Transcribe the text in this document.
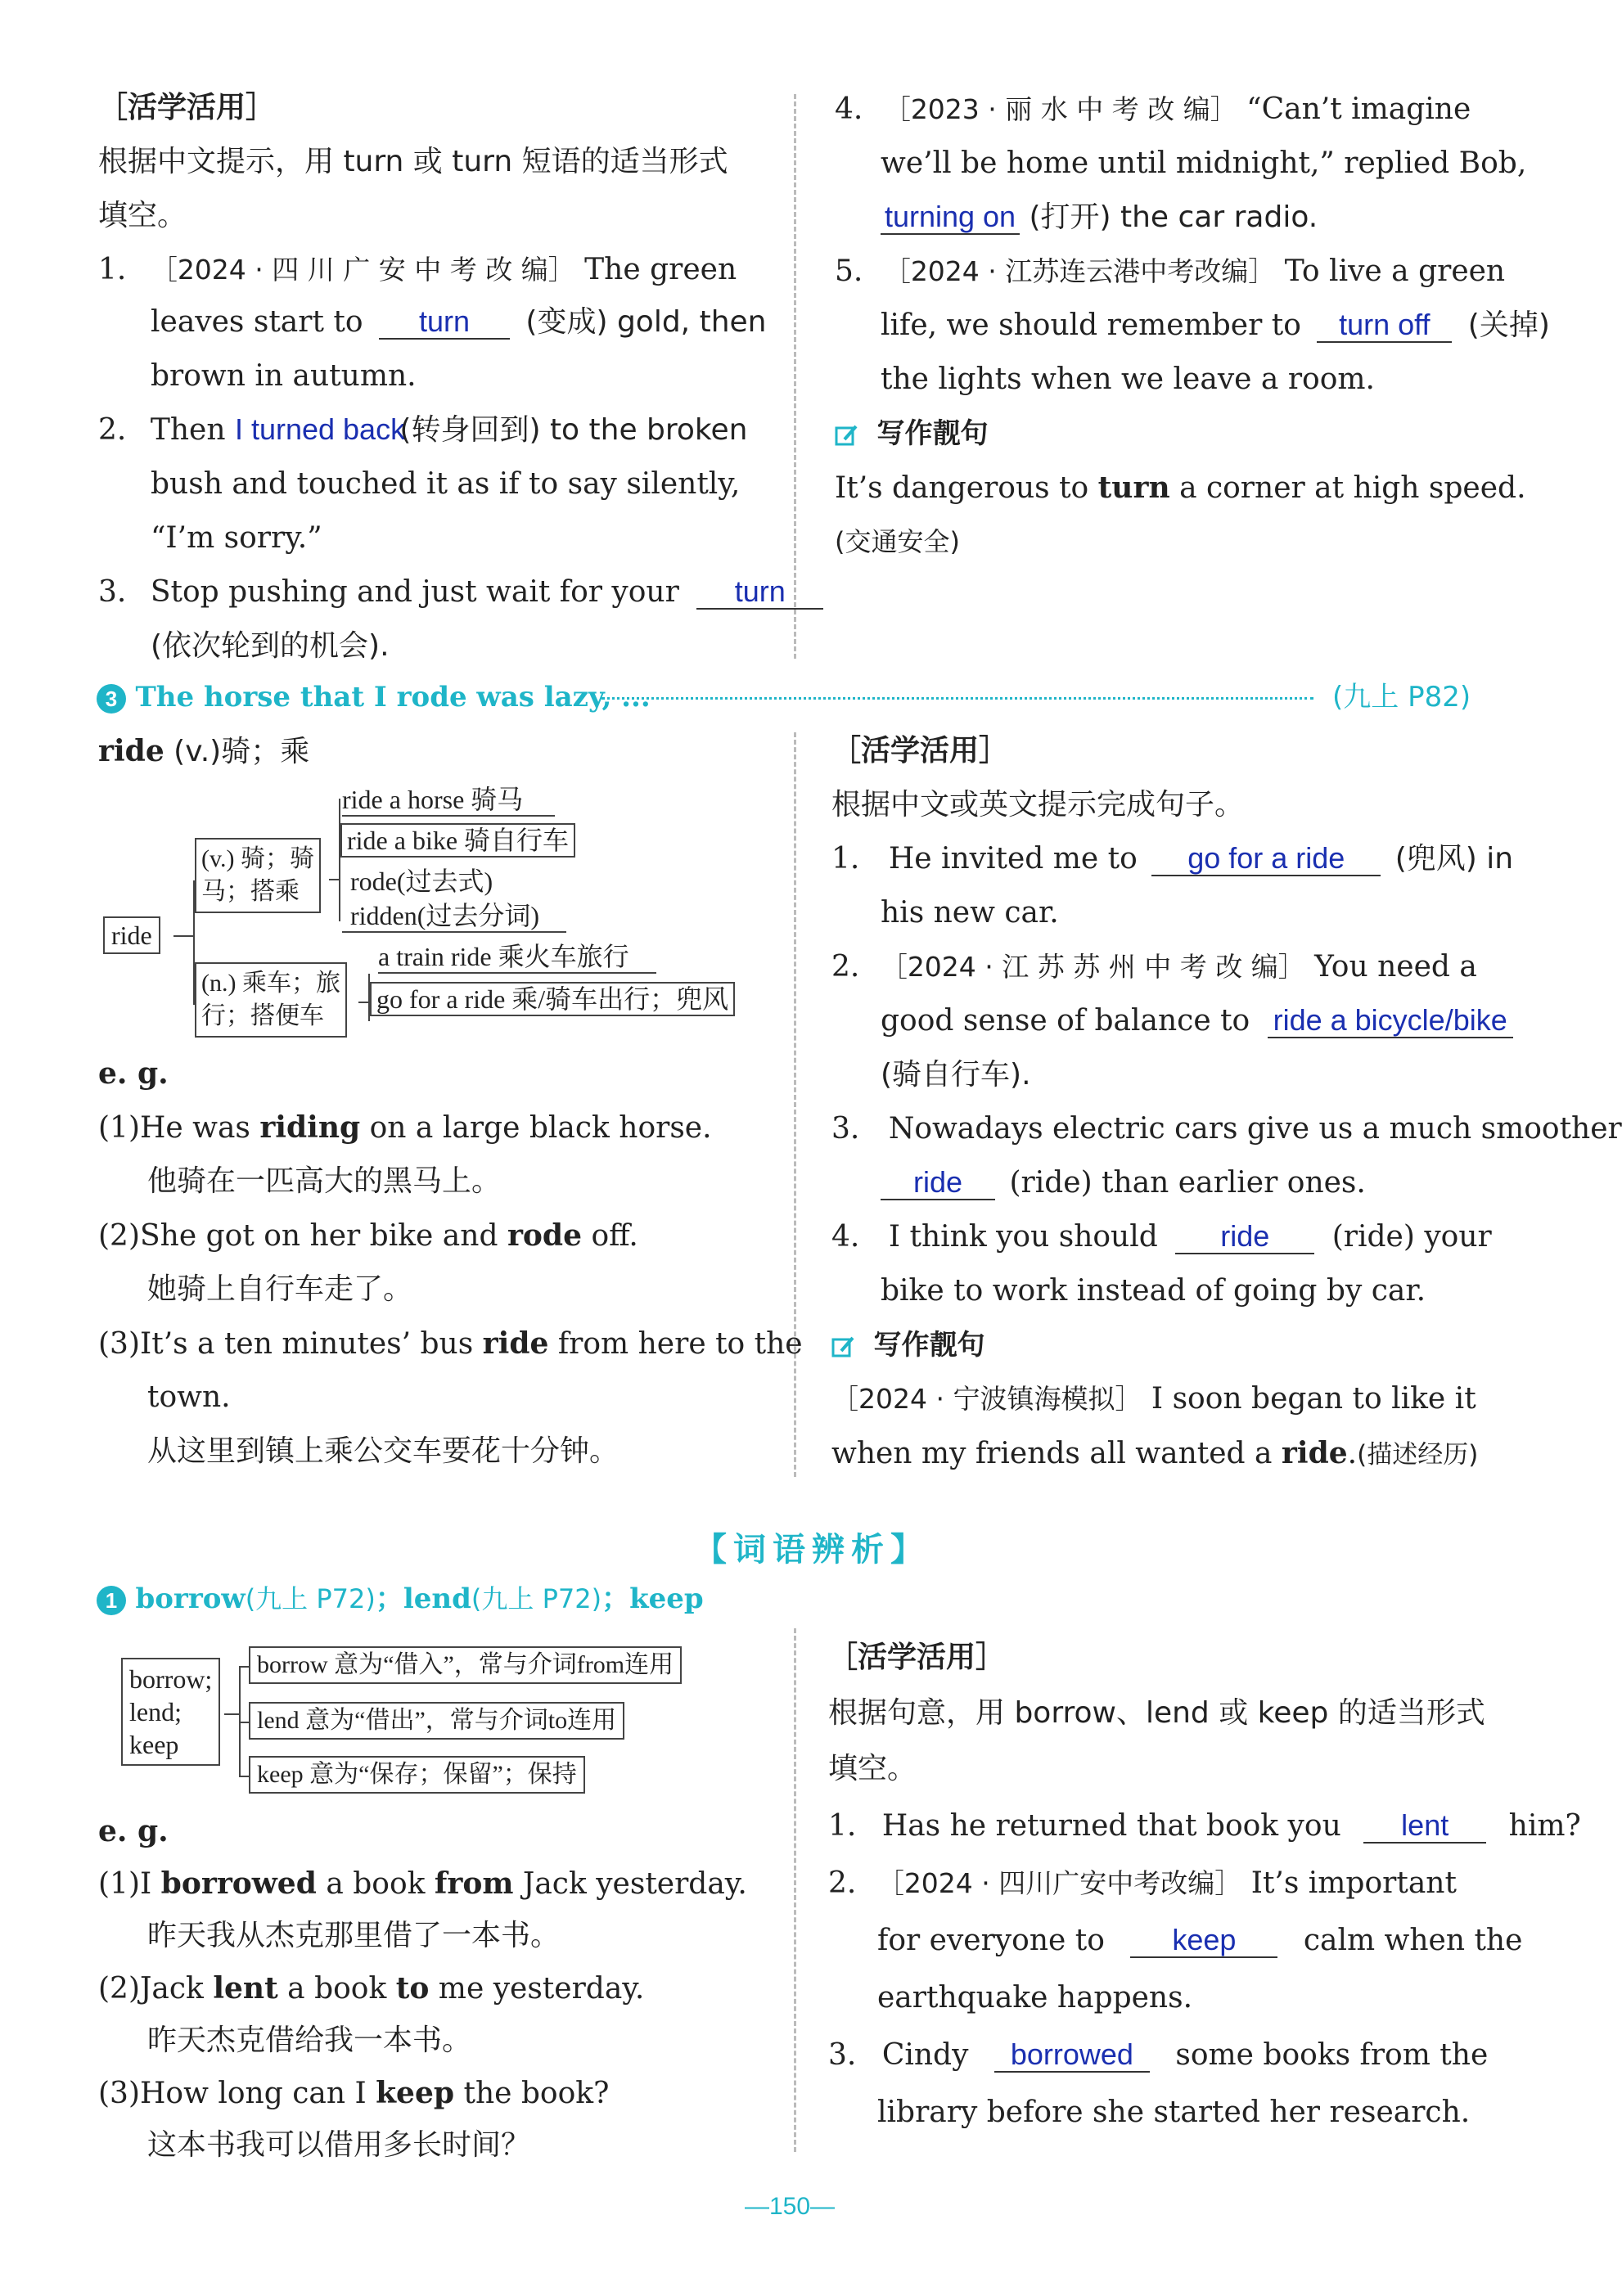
［活学活用］
根据中文提示，用 turn 或 turn 短语的适当形式
填空。
1. ［2024 · 四 川 广 安 中 考 改 编］ The green
leaves start to turn (变成) gold, then
brown in autumn.
2. Then I turned back (转身回到) to the broken
bush and touched it as if to say silently,
“I’m sorry.”
3. Stop pushing and just wait for your turn
(依次轮到的机会).
4. ［2023 · 丽 水 中 考 改 编］ “Can’t imagine
we’ll be home until midnight,” replied Bob,
turning on (打开) the car radio.
5. ［2024 · 江苏连云港中考改编］ To live a green
life, we should remember to turn off (关掉)
the lights when we leave a room.
写作靓句
It’s dangerous to turn a corner at high speed.
(交通安全)
3 The horse that I rode was lazy, ...	(九上 P82)
ride (v.)骑；乘
ride
(v.) 骑；骑
马；搭乘
ride a horse 骑马
ride a bike 骑自行车
rode(过去式)
ridden(过去分词)
(n.) 乘车；旅
行；搭便车
a train ride 乘火车旅行
go for a ride 乘/骑车出行；兜风
e. g.
(1)He was riding on a large black horse.
他骑在一匹高大的黑马上。
(2)She got on her bike and rode off.
她骑上自行车走了。
(3)It’s a ten minutes’ bus ride from here to the
town.
从这里到镇上乘公交车要花十分钟。
［活学活用］
根据中文或英文提示完成句子。
1. He invited me to go for a ride (兜风) in
his new car.
2. ［2024 · 江 苏 苏 州 中 考 改 编］ You need a
good sense of balance to ride a bicycle/bike
(骑自行车).
3. Nowadays electric cars give us a much smoother
ride (ride) than earlier ones.
4. I think you should ride (ride) your
bike to work instead of going by car.
写作靓句
［2024 · 宁波镇海模拟］ I soon began to like it
when my friends all wanted a ride.(描述经历)
【词语辨析】
1 borrow(九上 P72)；lend(九上 P72)；keep
borrow;
lend;
keep
borrow 意为“借入”，常与介词from连用
lend 意为“借出”，常与介词to连用
keep 意为“保存；保留”；保持
e. g.
(1)I borrowed a book from Jack yesterday.
昨天我从杰克那里借了一本书。
(2)Jack lent a book to me yesterday.
昨天杰克借给我一本书。
(3)How long can I keep the book?
这本书我可以借用多长时间？
［活学活用］
根据句意，用 borrow、lend 或 keep 的适当形式
填空。
1. Has he returned that book you lent him?
2. ［2024 · 四川广安中考改编］ It’s important
for everyone to keep calm when the
earthquake happens.
3. Cindy borrowed some books from the
library before she started her research.
—150—
